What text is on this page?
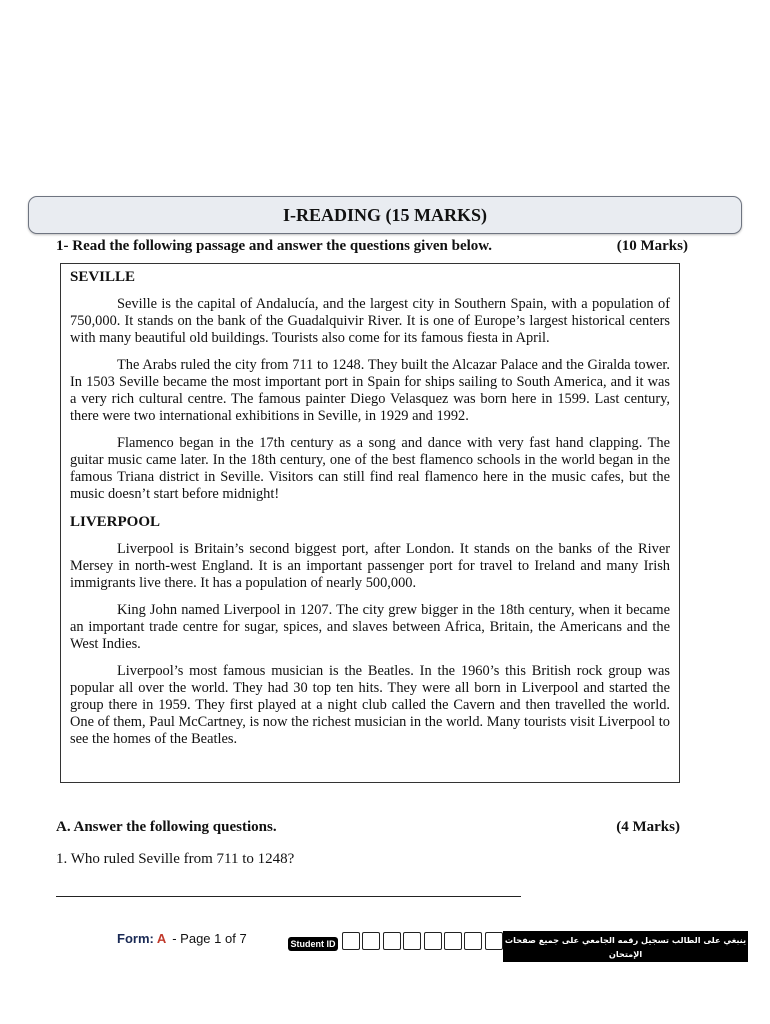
I-READING (15 MARKS)
1- Read the following passage and answer the questions given below.	(10 Marks)
SEVILLE

Seville is the capital of Andalucía, and the largest city in Southern Spain, with a population of 750,000. It stands on the bank of the Guadalquivir River. It is one of Europe’s largest historical centers with many beautiful old buildings. Tourists also come for its famous fiesta in April.

The Arabs ruled the city from 711 to 1248. They built the Alcazar Palace and the Giralda tower. In 1503 Seville became the most important port in Spain for ships sailing to South America, and it was a very rich cultural centre. The famous painter Diego Velasquez was born here in 1599. Last century, there were two international exhibitions in Seville, in 1929 and 1992.

Flamenco began in the 17th century as a song and dance with very fast hand clapping. The guitar music came later. In the 18th century, one of the best flamenco schools in the world began in the famous Triana district in Seville. Visitors can still find real flamenco here in the music cafes, but the music doesn’t start before midnight!

LIVERPOOL

Liverpool is Britain’s second biggest port, after London. It stands on the banks of the River Mersey in north-west England. It is an important passenger port for travel to Ireland and many Irish immigrants live there. It has a population of nearly 500,000.

King John named Liverpool in 1207. The city grew bigger in the 18th century, when it became an important trade centre for sugar, spices, and slaves between Africa, Britain, the Americans and the West Indies.

Liverpool’s most famous musician is the Beatles. In the 1960’s this British rock group was popular all over the world. They had 30 top ten hits. They were all born in Liverpool and started the group there in 1959. They first played at a night club called the Cavern and then travelled the world. One of them, Paul McCartney, is now the richest musician in the world. Many tourists visit Liverpool to see the homes of the Beatles.

A. Answer the following questions.	(4 Marks)
1. Who ruled Seville from 711 to 1248?
Form: A - Page 1 of 7	Student ID	ينبغي على الطالب تسجيل رقمه الجامعي على جميع صفحات الإمتحان
والتأكد من حصوله على جميع الصفحات من خلال تفقد ترقيم الصفحات
